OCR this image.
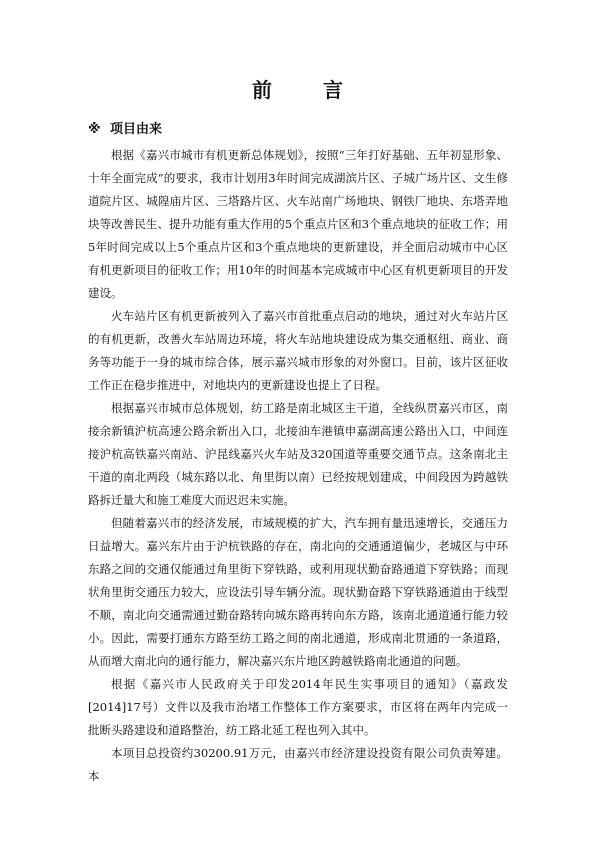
前 言
※ 项目由来

根据《嘉兴市城市有机更新总体规划》，按照“三年打好基础、五年初显形象、十年全面完成”的要求，我市计划用3年时间完成湖滨片区、子城广场片区、文生修道院片区、城隍庙片区、三塔路片区、火车站南广场地块、钢铁厂地块、东塔弄地块等改善民生、提升功能有重大作用的5个重点片区和3个重点地块的征收工作；用5年时间完成以上5个重点片区和3个重点地块的更新建设，并全面启动城市中心区有机更新项目的征收工作；用10年的时间基本完成城市中心区有机更新项目的开发建设。

火车站片区有机更新被列入了嘉兴市首批重点启动的地块，通过对火车站片区的有机更新，改善火车站周边环境，将火车站地块建设成为集交通枢纽、商业、商务等功能于一身的城市综合体，展示嘉兴城市形象的对外窗口。目前，该片区征收工作正在稳步推进中，对地块内的更新建设也提上了日程。

根据嘉兴市城市总体规划，纺工路是南北城区主干道，全线纵贯嘉兴市区，南接余新镇沪杭高速公路余新出入口，北接油车港镇申嘉湖高速公路出入口，中间连接沪杭高铁嘉兴南站、沪昆线嘉兴火车站及320国道等重要交通节点。这条南北主干道的南北两段（城东路以北、角里街以南）已经按规划建成，中间段因为跨越铁路拆迁量大和施工难度大而迟迟未实施。

但随着嘉兴市的经济发展，市域规模的扩大，汽车拥有量迅速增长，交通压力日益增大。嘉兴东片由于沪杭铁路的存在，南北向的交通通道偏少，老城区与中环东路之间的交通仅能通过角里街下穿铁路，或利用现状勤奋路通道下穿铁路；而现状角里街交通压力较大，应设法引导车辆分流。现状勤奋路下穿铁路通道由于线型不顺，南北向交通需通过勤奋路转向城东路再转向东方路，该南北通道通行能力较小。因此，需要打通东方路至纺工路之间的南北通道，形成南北贯通的一条道路，从而增大南北向的通行能力，解决嘉兴东片地区跨越铁路南北通道的问题。

根据《嘉兴市人民政府关于印发2014年民生实事项目的通知》（嘉政发[2014]17号）文件以及我市治堵工作整体工作方案要求，市区将在两年内完成一批断头路建设和道路整治，纺工路北延工程也列入其中。

本项目总投资约30200.91万元，由嘉兴市经济建设投资有限公司负责筹建。本
